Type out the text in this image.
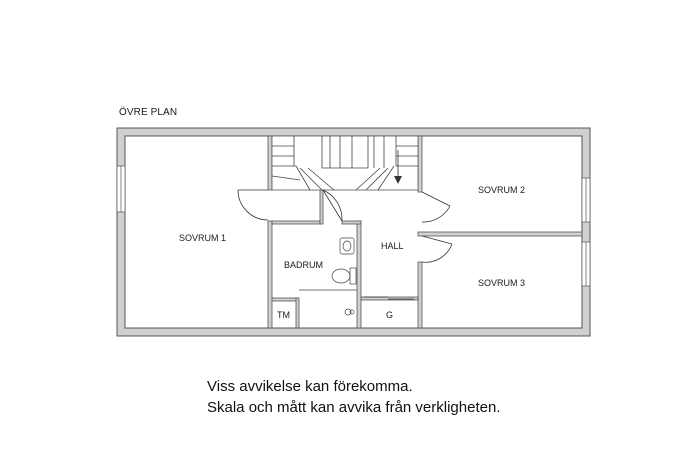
ÖVRE PLAN
SOVRUM 1
SOVRUM 2
SOVRUM 3
BADRUM
HALL
TM	G
Viss avvikelse kan förekomma.
Skala och mått kan avvika från verkligheten.
